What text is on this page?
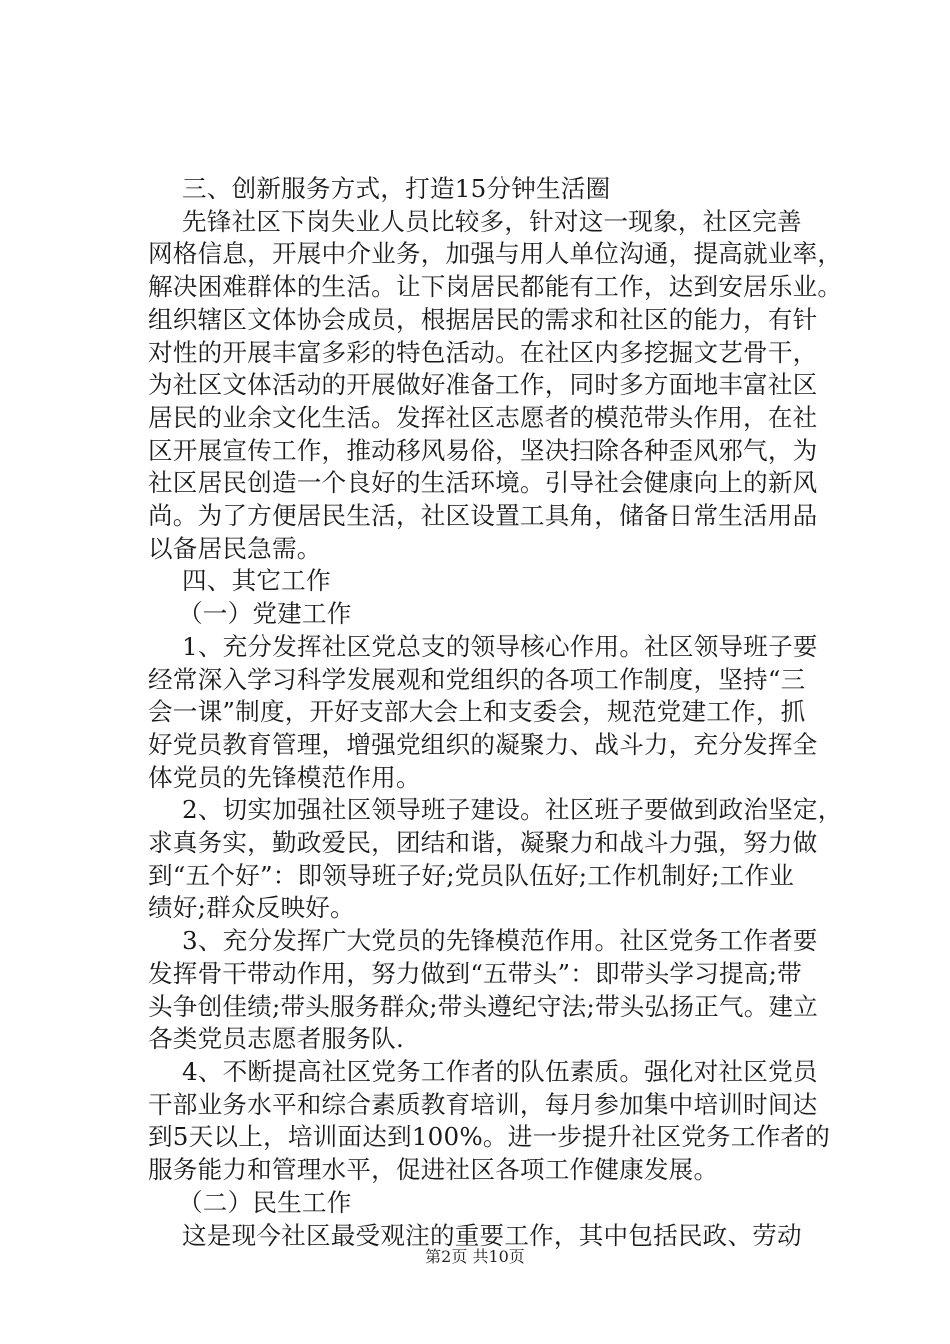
三、创新服务方式，打造15分钟生活圈

先锋社区下岗失业人员比较多，针对这一现象，社区完善
网格信息，开展中介业务，加强与用人单位沟通，提高就业率，
解决困难群体的生活。让下岗居民都能有工作，达到安居乐业。
组织辖区文体协会成员，根据居民的需求和社区的能力，有针
对性的开展丰富多彩的特色活动。在社区内多挖掘文艺骨干，
为社区文体活动的开展做好准备工作，同时多方面地丰富社区
居民的业余文化生活。发挥社区志愿者的模范带头作用，在社
区开展宣传工作，推动移风易俗，坚决扫除各种歪风邪气，为
社区居民创造一个良好的生活环境。引导社会健康向上的新风
尚。为了方便居民生活，社区设置工具角，储备日常生活用品
以备居民急需。

四、其它工作

（一）党建工作

1、充分发挥社区党总支的领导核心作用。社区领导班子要
经常深入学习科学发展观和党组织的各项工作制度，坚持“三
会一课”制度，开好支部大会上和支委会，规范党建工作，抓
好党员教育管理，增强党组织的凝聚力、战斗力，充分发挥全
体党员的先锋模范作用。

2、切实加强社区领导班子建设。社区班子要做到政治坚定，
求真务实，勤政爱民，团结和谐，凝聚力和战斗力强，努力做
到“五个好”：即领导班子好;党员队伍好;工作机制好;工作业
绩好;群众反映好。

3、充分发挥广大党员的先锋模范作用。社区党务工作者要
发挥骨干带动作用，努力做到“五带头”：即带头学习提高;带
头争创佳绩;带头服务群众;带头遵纪守法;带头弘扬正气。建立
各类党员志愿者服务队.

4、不断提高社区党务工作者的队伍素质。强化对社区党员
干部业务水平和综合素质教育培训，每月参加集中培训时间达
到5天以上，培训面达到100%。进一步提升社区党务工作者的
服务能力和管理水平，促进社区各项工作健康发展。

（二）民生工作

这是现今社区最受观注的重要工作，其中包括民政、劳动

第2页 共10页
